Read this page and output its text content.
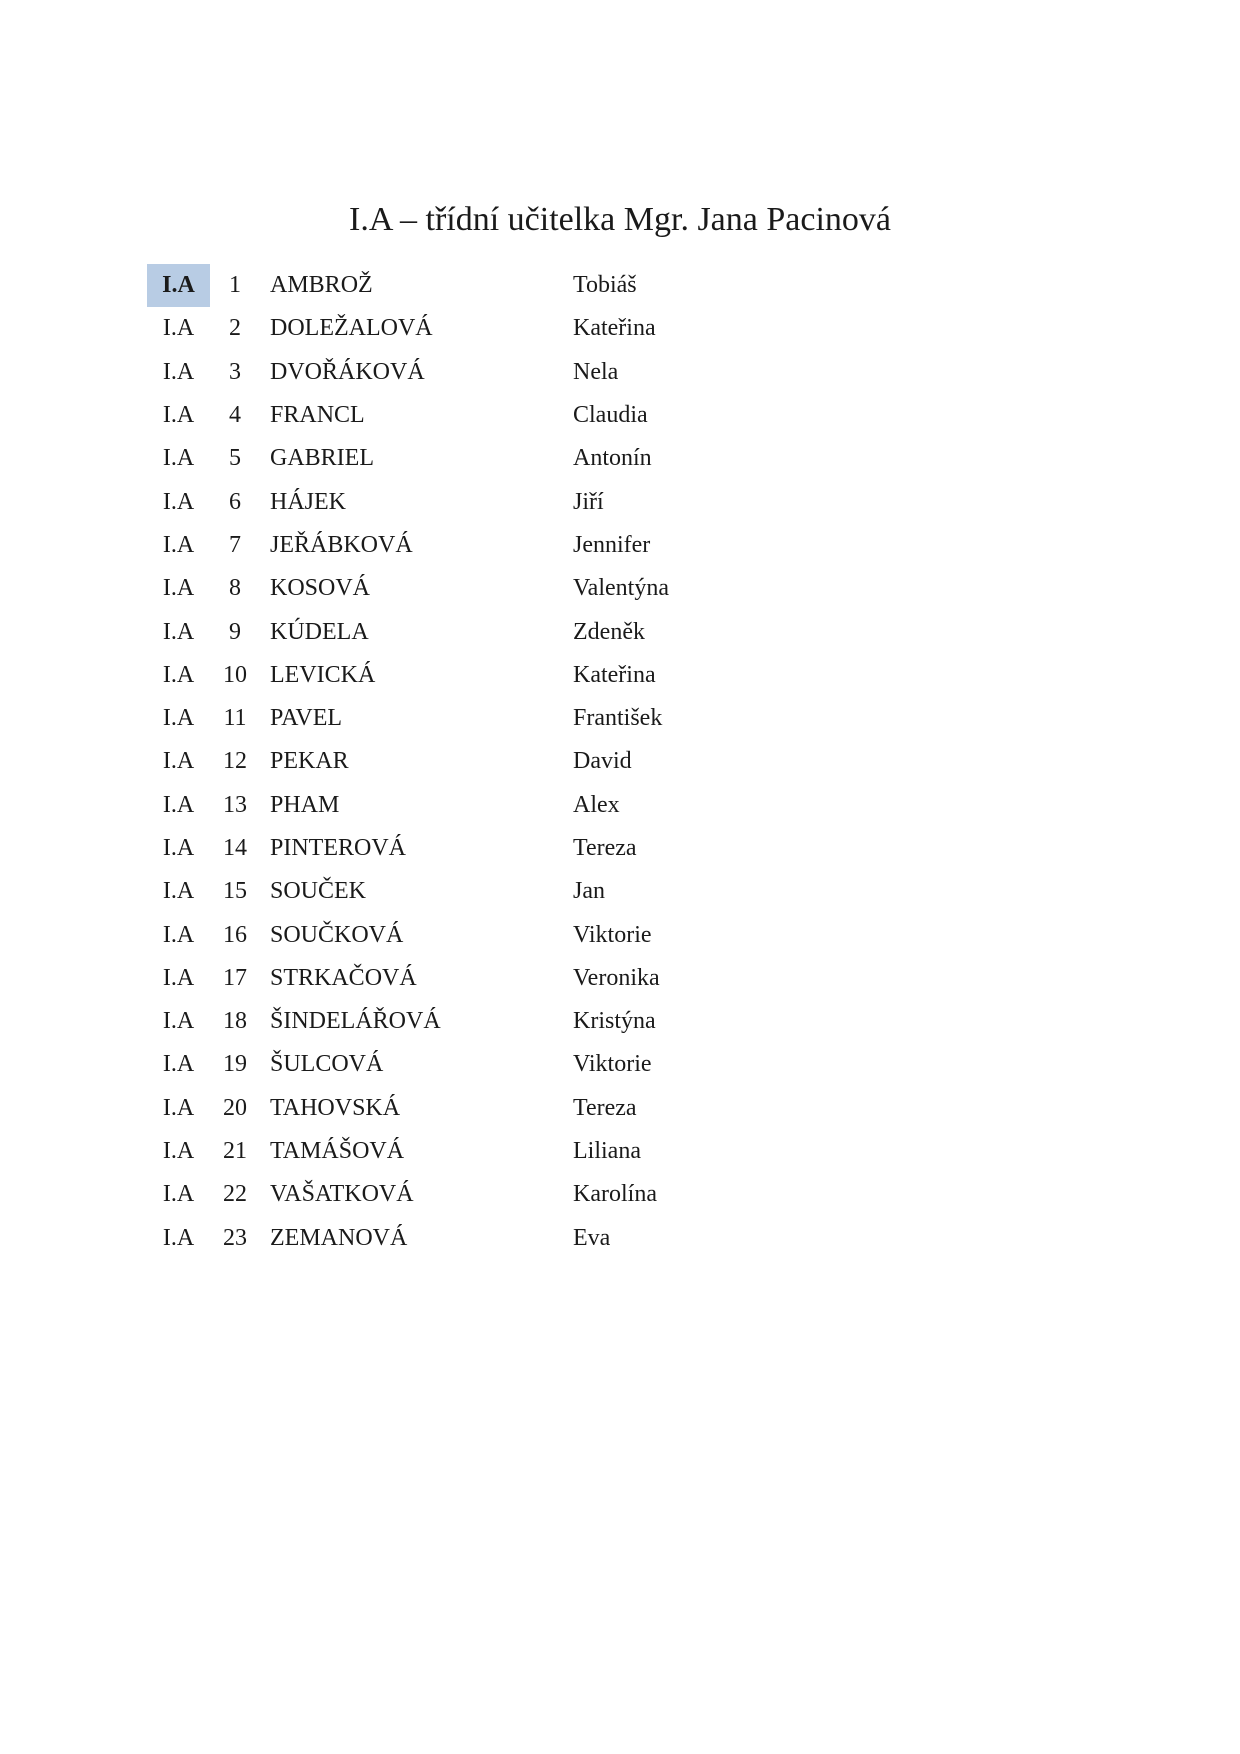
I.A – třídní učitelka Mgr. Jana Pacinová
I.A	1	AMBROŽ	Tobiáš
I.A	2	DOLEŽALOVÁ	Kateřina
I.A	3	DVOŘÁKOVÁ	Nela
I.A	4	FRANCL	Claudia
I.A	5	GABRIEL	Antonín
I.A	6	HÁJEK	Jiří
I.A	7	JEŘÁBKOVÁ	Jennifer
I.A	8	KOSOVÁ	Valentýna
I.A	9	KÚDELA	Zdeněk
I.A	10	LEVICKÁ	Kateřina
I.A	11	PAVEL	František
I.A	12	PEKAR	David
I.A	13	PHAM	Alex
I.A	14	PINTEROVÁ	Tereza
I.A	15	SOUČEK	Jan
I.A	16	SOUČKOVÁ	Viktorie
I.A	17	STRKAČOVÁ	Veronika
I.A	18	ŠINDELÁŘOVÁ	Kristýna
I.A	19	ŠULCOVÁ	Viktorie
I.A	20	TAHOVSKÁ	Tereza
I.A	21	TAMÁŠOVÁ	Liliana
I.A	22	VAŠATKOVÁ	Karolína
I.A	23	ZEMANOVÁ	Eva
